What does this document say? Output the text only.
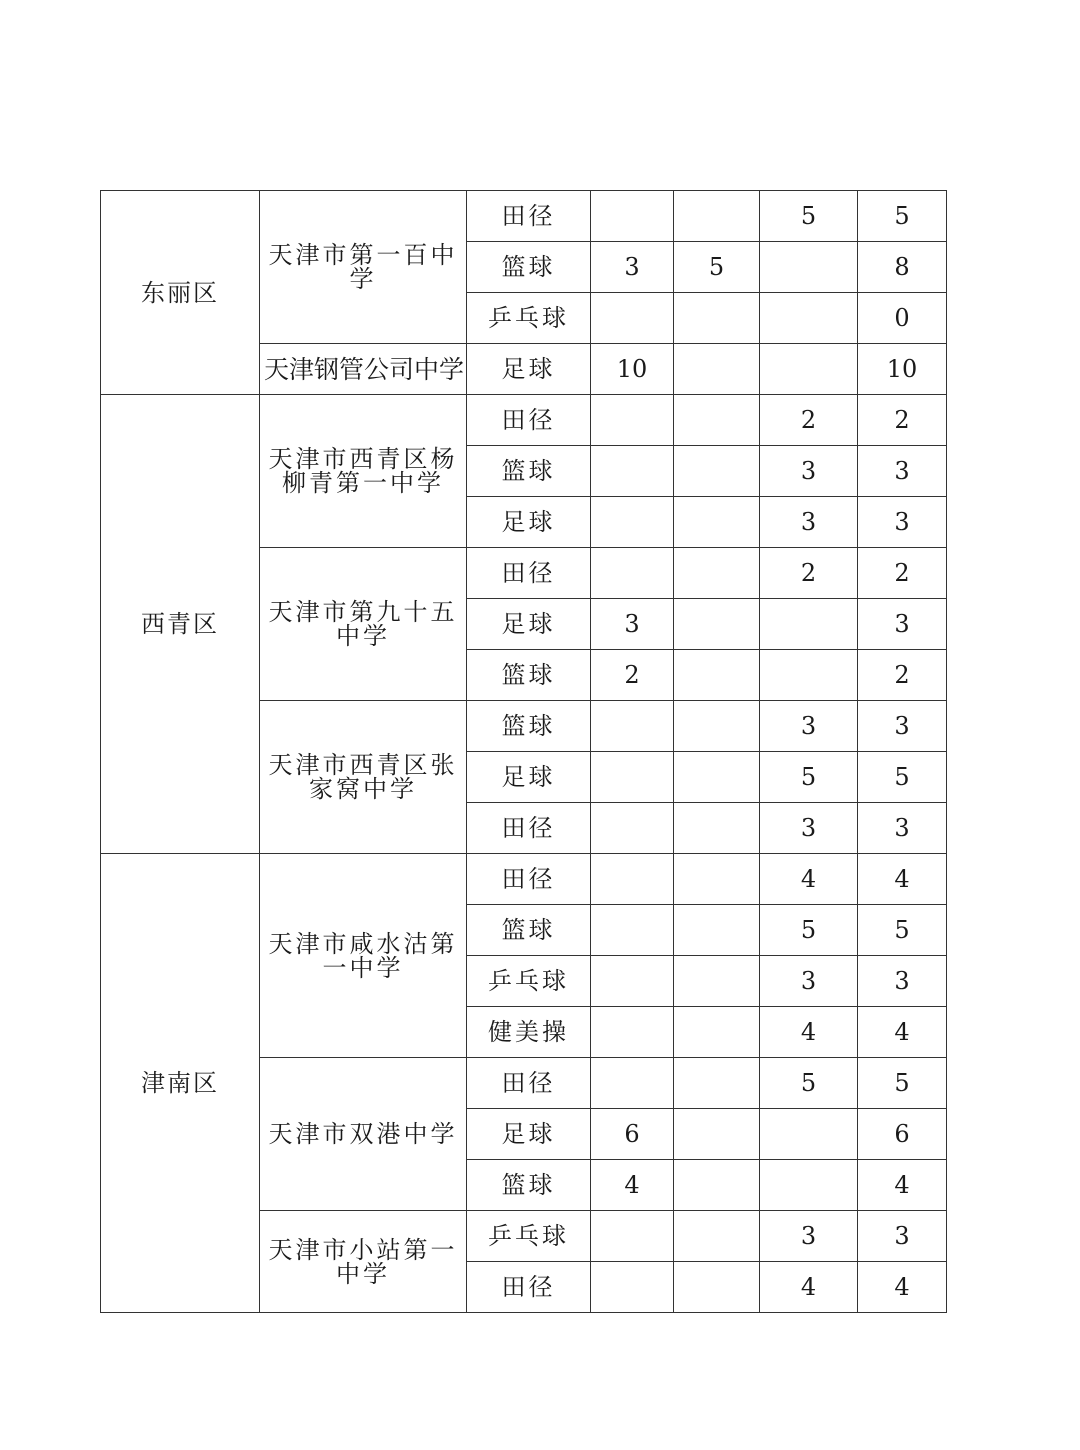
东丽区	天津市第一百中学	田径			5	5
		篮球	3	5		8
		乒乓球				0
	天津钢管公司中学	足球	10			10
西青区	天津市西青区杨柳青第一中学	田径			2	2
		篮球			3	3
		足球			3	3
	天津市第九十五中学	田径			2	2
		足球	3			3
		篮球	2			2
	天津市西青区张家窝中学	篮球			3	3
		足球			5	5
		田径			3	3
津南区	天津市咸水沽第一中学	田径			4	4
		篮球			5	5
		乒乓球			3	3
		健美操			4	4
	天津市双港中学	田径			5	5
		足球	6			6
		篮球	4			4
	天津市小站第一中学	乒乓球			3	3
		田径			4	4
